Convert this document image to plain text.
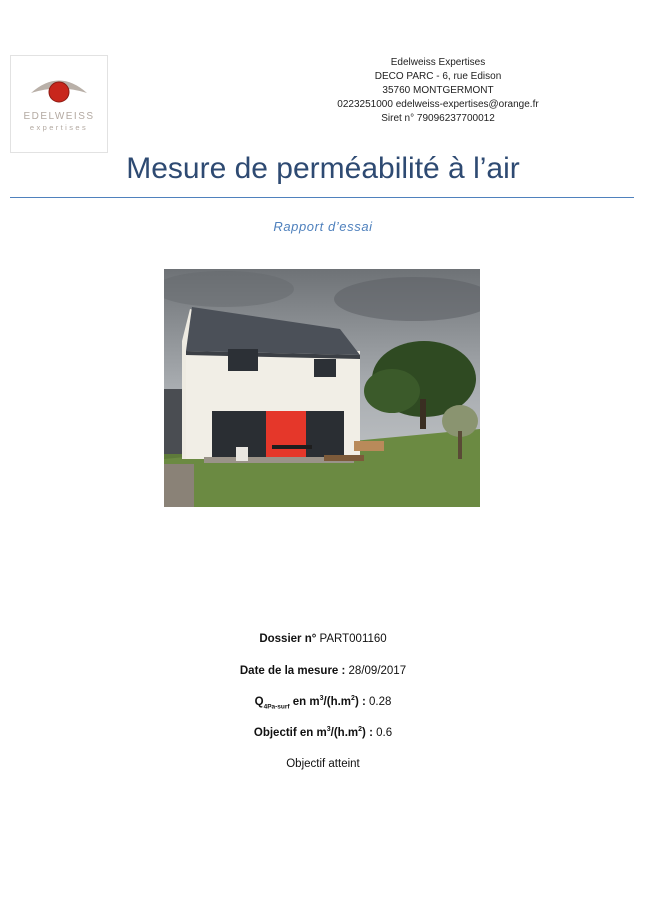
EDELWEISS
expertises
Edelweiss Expertises
DECO PARC - 6, rue Edison
35760 MONTGERMONT
0223251000 edelweiss-expertises@orange.fr
Siret n° 79096237700012
Mesure de perméabilité à l’air
Rapport d’essai
Dossier n° PART001160
Date de la mesure : 28/09/2017
$Q_{4Pa-surf}$ en $m^3/(h.m^2)$ : 0.28
Objectif en $m^3/(h.m^2)$ : 0.6
Objectif atteint
